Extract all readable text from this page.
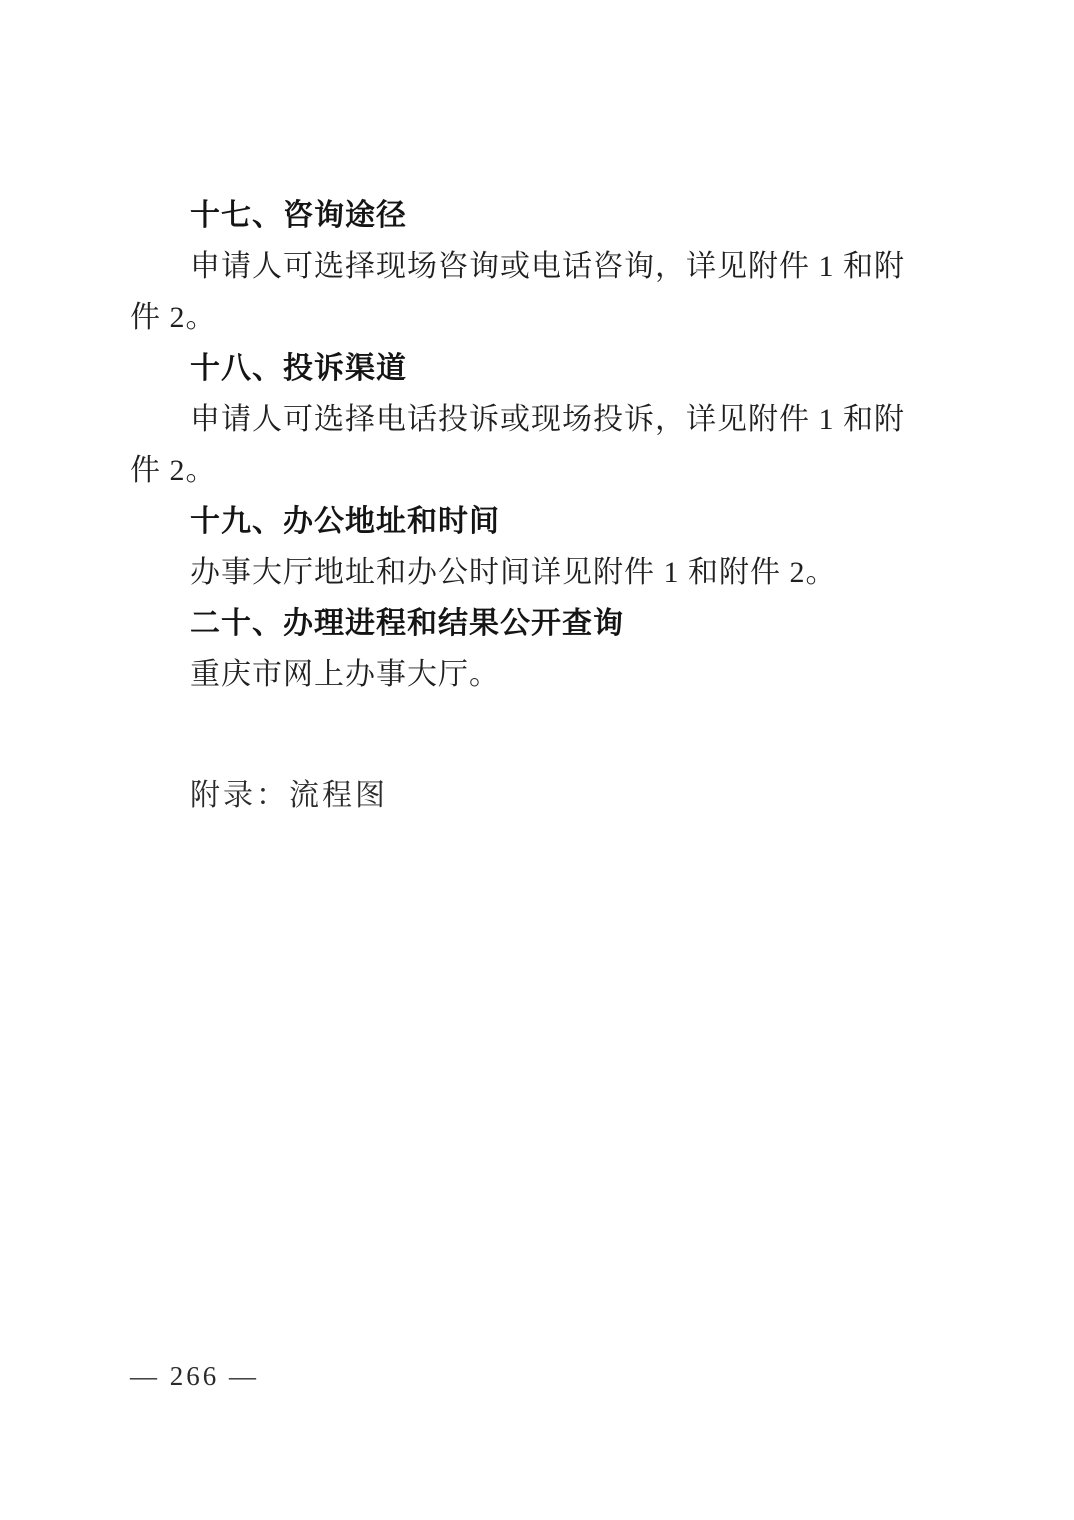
十七、咨询途径

申请人可选择现场咨询或电话咨询，详见附件 1 和附件 2。

十八、投诉渠道

申请人可选择电话投诉或现场投诉，详见附件 1 和附件 2。

十九、办公地址和时间

办事大厅地址和办公时间详见附件 1 和附件 2。

二十、办理进程和结果公开查询

重庆市网上办事大厅。

附录：流程图

— 266 —
